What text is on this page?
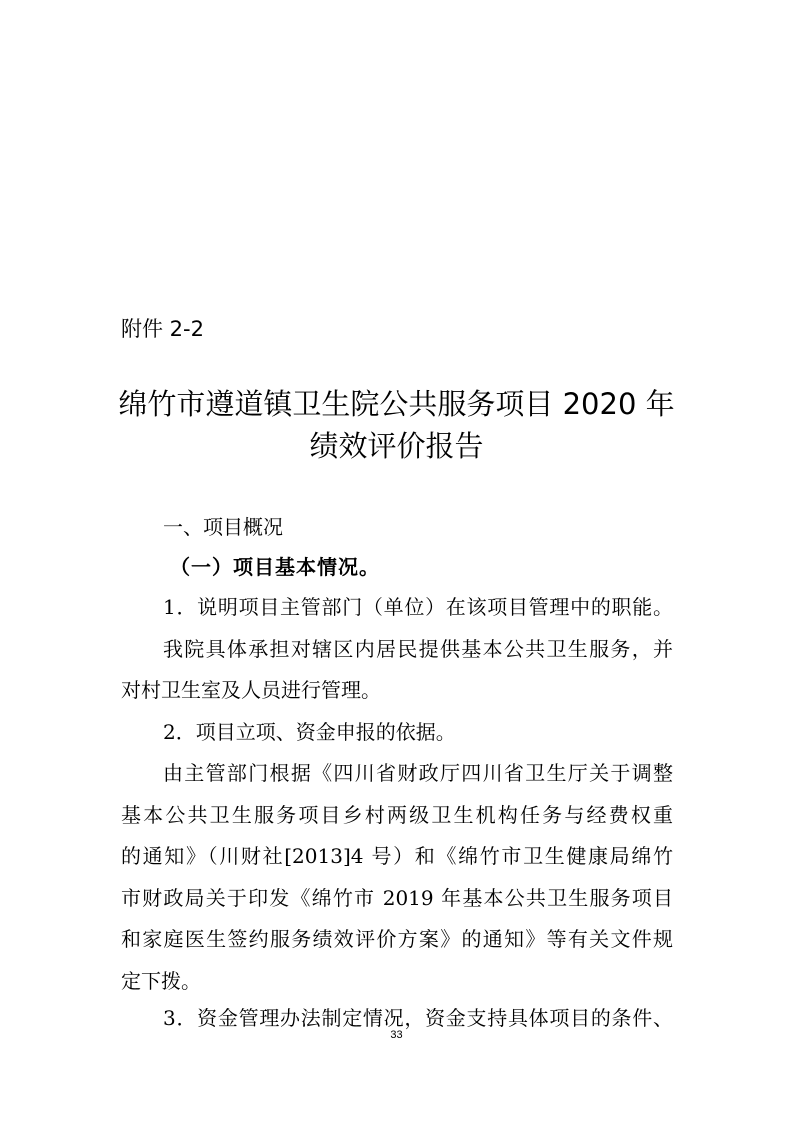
附件 2-2
绵竹市遵道镇卫生院公共服务项目 2020 年
绩效评价报告
一、项目概况
（一）项目基本情况。
1．说明项目主管部门（单位）在该项目管理中的职能。
我院具体承担对辖区内居民提供基本公共卫生服务，并
对村卫生室及人员进行管理。
2．项目立项、资金申报的依据。
由主管部门根据《四川省财政厅四川省卫生厅关于调整
基本公共卫生服务项目乡村两级卫生机构任务与经费权重
的通知》（川财社[2013]4 号）和《绵竹市卫生健康局绵竹
市财政局关于印发《绵竹市 2019 年基本公共卫生服务项目
和家庭医生签约服务绩效评价方案》的通知》等有关文件规
定下拨。
3．资金管理办法制定情况，资金支持具体项目的条件、
33
